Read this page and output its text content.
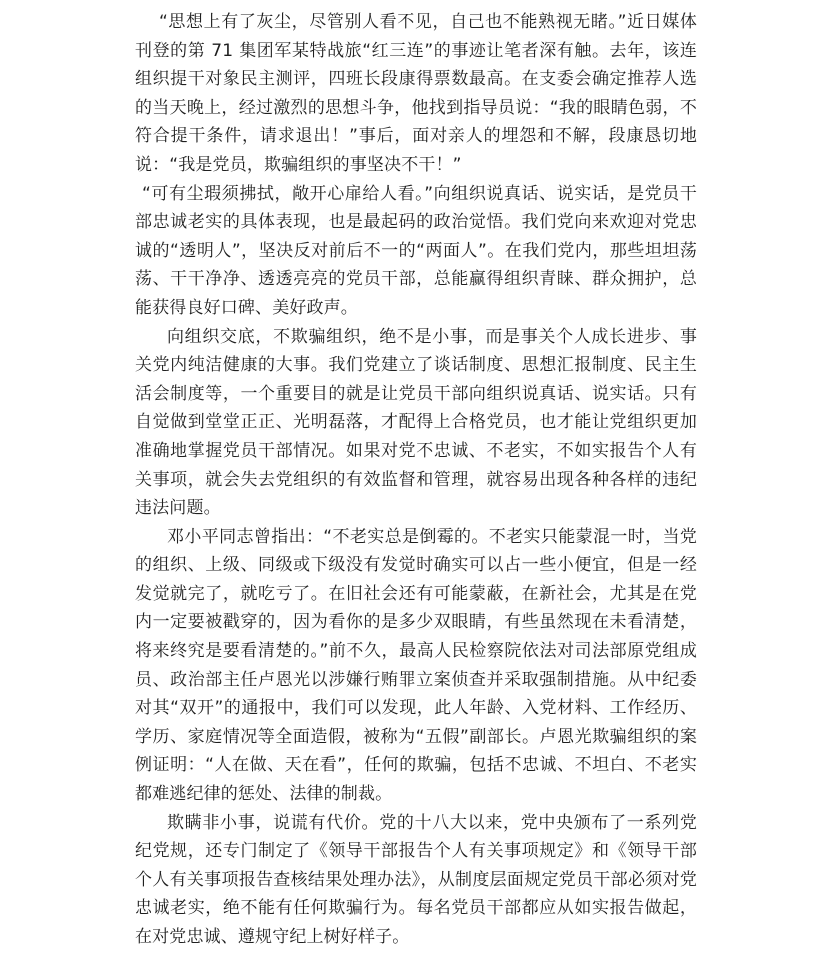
“思想上有了灰尘，尽管别人看不见，自己也不能熟视无睹。”近日媒体刊登的第 71 集团军某特战旅“红三连”的事迹让笔者深有触。去年，该连组织提干对象民主测评，四班长段康得票数最高。在支委会确定推荐人选的当天晚上，经过激烈的思想斗争，他找到指导员说：“我的眼睛色弱，不符合提干条件，请求退出！”事后，面对亲人的埋怨和不解，段康恳切地说：“我是党员，欺骗组织的事坚决不干！”

“可有尘瑕须拂拭，敞开心扉给人看。”向组织说真话、说实话，是党员干部忠诚老实的具体表现，也是最起码的政治觉悟。我们党向来欢迎对党忠诚的“透明人”，坚决反对前后不一的“两面人”。在我们党内，那些坦坦荡荡、干干净净、透透亮亮的党员干部，总能赢得组织青睐、群众拥护，总能获得良好口碑、美好政声。

向组织交底，不欺骗组织，绝不是小事，而是事关个人成长进步、事关党内纯洁健康的大事。我们党建立了谈话制度、思想汇报制度、民主生活会制度等，一个重要目的就是让党员干部向组织说真话、说实话。只有自觉做到堂堂正正、光明磊落，才配得上合格党员，也才能让党组织更加准确地掌握党员干部情况。如果对党不忠诚、不老实，不如实报告个人有关事项，就会失去党组织的有效监督和管理，就容易出现各种各样的违纪违法问题。

邓小平同志曾指出：“不老实总是倒霉的。不老实只能蒙混一时，当党的组织、上级、同级或下级没有发觉时确实可以占一些小便宜，但是一经发觉就完了，就吃亏了。在旧社会还有可能蒙蔽，在新社会，尤其是在党内一定要被戳穿的，因为看你的是多少双眼睛，有些虽然现在未看清楚，将来终究是要看清楚的。”前不久，最高人民检察院依法对司法部原党组成员、政治部主任卢恩光以涉嫌行贿罪立案侦查并采取强制措施。从中纪委对其“双开”的通报中，我们可以发现，此人年龄、入党材料、工作经历、学历、家庭情况等全面造假，被称为“五假”副部长。卢恩光欺骗组织的案例证明：“人在做、天在看”，任何的欺骗，包括不忠诚、不坦白、不老实都难逃纪律的惩处、法律的制裁。

欺瞒非小事，说谎有代价。党的十八大以来，党中央颁布了一系列党纪党规，还专门制定了《领导干部报告个人有关事项规定》和《领导干部个人有关事项报告查核结果处理办法》，从制度层面规定党员干部必须对党忠诚老实，绝不能有任何欺骗行为。每名党员干部都应从如实报告做起，在对党忠诚、遵规守纪上树好样子。
